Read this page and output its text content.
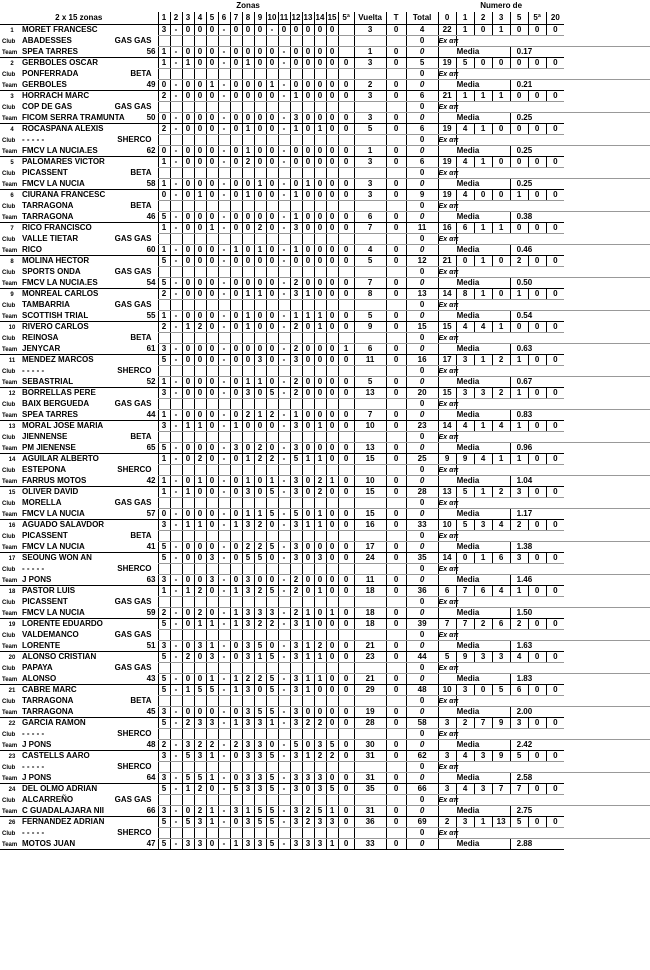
	Zonas																			Numero de						
2 x 15 zonas	1	2	3	4	5	6	7	8	9	10	11	12	13	14	15	5ª	Vuelta	T	Total	0	1	2	3	5	5ª	20
1 MORET FRANCESC	3	-	0	0	0	-	0	0	0	-	0	0	0	0	0		3	0	4	22	1	0	1	0	0	0
Club ABADESSES GAS GAS																			0	Ex απ						
Team SPEA TARRES 56	1	-	0	0	0	-	0	0	0	0	-	0	0	0	0		1	0	0	Media				0.17		
2 GERBOLES OSCAR	1	-	1	0	0	-	0	1	0	0	-	0	0	0	0	0	3	0	5	19	5	0	0	0	0	0
Club PONFERRADA BETA																			0	Ex απ						
Team GERBOLES 49	0	-	0	0	1	-	0	0	0	1	-	0	0	0	0	0	2	0	0	Media				0.21		
3 HORRACH MARC	2	-	0	0	0	-	0	0	0	0	-	1	0	0	0	0	3	0	6	21	1	1	1	0	0	0
Club COP DE GAS GAS GAS																			0	Ex απ						
Team FICOM SERRA TRAMUNTA 50	0	-	0	0	0	-	0	0	0	0	-	3	0	0	0	0	3	0	0	Media				0.25		
4 ROCASPANA ALEXIS	2	-	0	0	0	-	0	1	0	0	-	1	0	1	0	0	5	0	6	19	4	1	0	0	0	0
Club - - - - - SHERCO																			0	Ex απ						
Team FMCV LA NUCIA.ES 62	0	-	0	0	0	-	0	1	0	0	-	0	0	0	0	0	1	0	0	Media				0.25		
5 PALOMARES VICTOR	1	-	0	0	0	-	0	2	0	0	-	0	0	0	0	0	3	0	6	19	4	1	0	0	0	0
Club PICASSENT BETA																			0	Ex απ						
Team FMCV LA NUCIA 58	1	-	0	0	0	-	0	0	1	0	-	0	1	0	0	0	3	0	0	Media				0.25		
6 CIURANA FRANCESC	0	-	0	1	0	-	0	1	0	0	-	1	0	0	0	0	3	0	9	19	4	0	0	1	0	0
Club TARRAGONA BETA																			0	Ex απ						
Team TARRAGONA 46	5	-	0	0	0	-	0	0	0	0	-	1	0	0	0	0	6	0	0	Media				0.38		
7 RICO FRANCISCO	1	-	0	0	1	-	0	0	2	0	-	3	0	0	0	0	7	0	11	16	6	1	1	0	0	0
Club VALLE TIETAR GAS GAS																			0	Ex απ						
Team RICO 60	1	-	0	0	0	-	1	0	1	0	-	1	0	0	0	0	4	0	0	Media				0.46		
8 MOLINA HECTOR	5	-	0	0	0	-	0	0	0	0	-	0	0	0	0	0	5	0	12	21	0	1	0	2	0	0
Club SPORTS ONDA GAS GAS																			0	Ex απ						
Team FMCV LA NUCIA.ES 54	5	-	0	0	0	-	0	0	0	0	-	2	0	0	0	0	7	0	0	Media				0.50		
9 MONREAL CARLOS	2	-	0	0	0	-	0	1	1	0	-	3	1	0	0	0	8	0	13	14	8	1	0	1	0	0
Club TAMBARRIA GAS GAS																			0	Ex απ						
Team SCOTTISH TRIAL 55	1	-	0	0	0	-	0	1	0	0	-	1	1	1	0	0	5	0	0	Media				0.54		
10 RIVERO CARLOS	2	-	1	2	0	-	0	1	0	0	-	2	0	1	0	0	9	0	15	15	4	4	1	0	0	0
Club REINOSA BETA																			0	Ex απ						
Team JENYCAR 61	3	-	0	0	0	-	0	0	0	0	-	2	0	0	0	1	6	0	0	Media				0.63		
11 MENDEZ MARCOS	5	-	0	0	0	-	0	0	3	0	-	3	0	0	0	0	11	0	16	17	3	1	2	1	0	0
Club - - - - - SHERCO																			0	Ex απ						
Team SEBASTRIAL 52	1	-	0	0	0	-	0	1	1	0	-	2	0	0	0	0	5	0	0	Media				0.67		
12 BORRELLAS PERE	3	-	0	0	0	-	0	3	0	5	-	2	0	0	0	0	13	0	20	15	3	3	2	1	0	0
Club BAIX BERGUEDA GAS GAS																			0	Ex απ						
Team SPEA TARRES 44	1	-	0	0	0	-	0	2	1	2	-	1	0	0	0	0	7	0	0	Media				0.83		
13 MORAL JOSE MARIA	3	-	1	1	0	-	1	0	0	0	-	3	0	1	0	0	10	0	23	14	4	1	4	1	0	0
Club JIENNENSE BETA																			0	Ex απ						
Team PM JIENENSE 65	5	-	0	0	0	-	3	0	2	0	-	3	0	0	0	0	13	0	0	Media				0.96		
14 AGUILAR ALBERTO	1	-	0	2	0	-	0	1	2	2	-	5	1	1	0	0	15	0	25	9	9	4	1	1	0	0
Club ESTEPONA SHERCO																			0	Ex απ						
Team FARRUS MOTOS 42	1	-	0	1	0	-	0	1	0	1	-	3	0	2	1	0	10	0	0	Media				1.04		
15 OLIVER DAVID	1	-	1	0	0	-	0	3	0	5	-	3	0	2	0	0	15	0	28	13	5	1	2	3	0	0
Club MORELLA GAS GAS																			0	Ex απ						
Team FMCV LA NUCIA 57	0	-	0	0	0	-	0	1	1	5	-	5	0	1	0	0	15	0	0	Media				1.17		
16 AGUADO SALAVDOR	3	-	1	1	0	-	1	3	2	0	-	3	1	1	0	0	16	0	33	10	5	3	4	2	0	0
Club PICASSENT BETA																			0	Ex απ						
Team FMCV LA NUCIA 41	5	-	0	0	0	-	0	2	2	5	-	3	0	0	0	0	17	0	0	Media				1.38		
17 SEOUNG WON AN	5	-	0	0	3	-	0	5	5	0	-	3	0	3	0	0	24	0	35	14	0	1	6	3	0	0
Club - - - - - SHERCO																			0	Ex απ						
Team J PONS 63	3	-	0	0	3	-	0	3	0	0	-	2	0	0	0	0	11	0	0	Media				1.46		
18 PASTOR LUIS	1	-	1	2	0	-	1	3	2	5	-	2	0	1	0	0	18	0	36	6	7	6	4	1	0	0
Club PICASSENT GAS GAS																			0	Ex απ						
Team FMCV LA NUCIA 59	2	-	0	2	0	-	1	3	3	3	-	2	1	0	1	0	18	0	0	Media				1.50		
19 LORENTE EDUARDO	5	-	0	1	1	-	1	3	2	2	-	3	1	0	0	0	18	0	39	7	7	2	6	2	0	0
Club VALDEMANCO GAS GAS																			0	Ex απ						
Team LORENTE 51	3	-	0	3	1	-	0	3	5	0	-	3	1	2	0	0	21	0	0	Media				1.63		
20 ALONSO CRISTIAN	5	-	2	0	3	-	0	3	1	5	-	3	1	1	0	0	23	0	44	5	9	3	3	4	0	0
Club PAPAYA GAS GAS																			0	Ex απ						
Team ALONSO 43	5	-	0	0	1	-	1	2	2	5	-	3	1	1	0	0	21	0	0	Media				1.83		
21 CABRE MARC	5	-	1	5	5	-	1	3	0	5	-	3	1	0	0	0	29	0	48	10	3	0	5	6	0	0
Club TARRAGONA BETA																			0	Ex απ						
Team TARRAGONA 45	3	-	0	0	0	-	0	3	5	5	-	3	0	0	0	0	19	0	0	Media				2.00		
22 GARCIA RAMON	5	-	2	3	3	-	1	3	3	1	-	3	2	2	0	0	28	0	58	3	2	7	9	3	0	0
Club - - - - - SHERCO																			0	Ex απ						
Team J PONS 48	2	-	3	2	2	-	2	3	3	0	-	5	0	3	5	0	30	0	0	Media				2.42		
23 CASTELLS AARO	3	-	5	3	1	-	0	3	3	5	-	3	1	2	2	0	31	0	62	3	4	3	9	5	0	0
Club - - - - - SHERCO																			0	Ex απ						
Team J PONS 64	3	-	5	5	1	-	0	3	3	5	-	3	3	3	0	0	31	0	0	Media				2.58		
24 DEL OLMO ADRIAN	5	-	1	2	0	-	5	3	3	5	-	3	0	3	5	0	35	0	66	3	4	3	7	7	0	0
Club ALCARREÑO GAS GAS																			0	Ex απ						
Team C GUADALAJARA NII 66	3	-	0	2	1	-	3	1	5	5	-	3	2	5	1	0	31	0	0	Media				2.75		
26 FERNANDEZ ADRIAN	5	-	5	3	1	-	0	3	5	5	-	3	2	3	3	0	36	0	69	2	3	1	13	5	0	0
Club - - - - - SHERCO																			0	Ex απ						
Team MOTOS JUAN 47	5	-	3	3	0	-	1	3	3	5	-	3	3	3	1	0	33	0	0	Media				2.88		
